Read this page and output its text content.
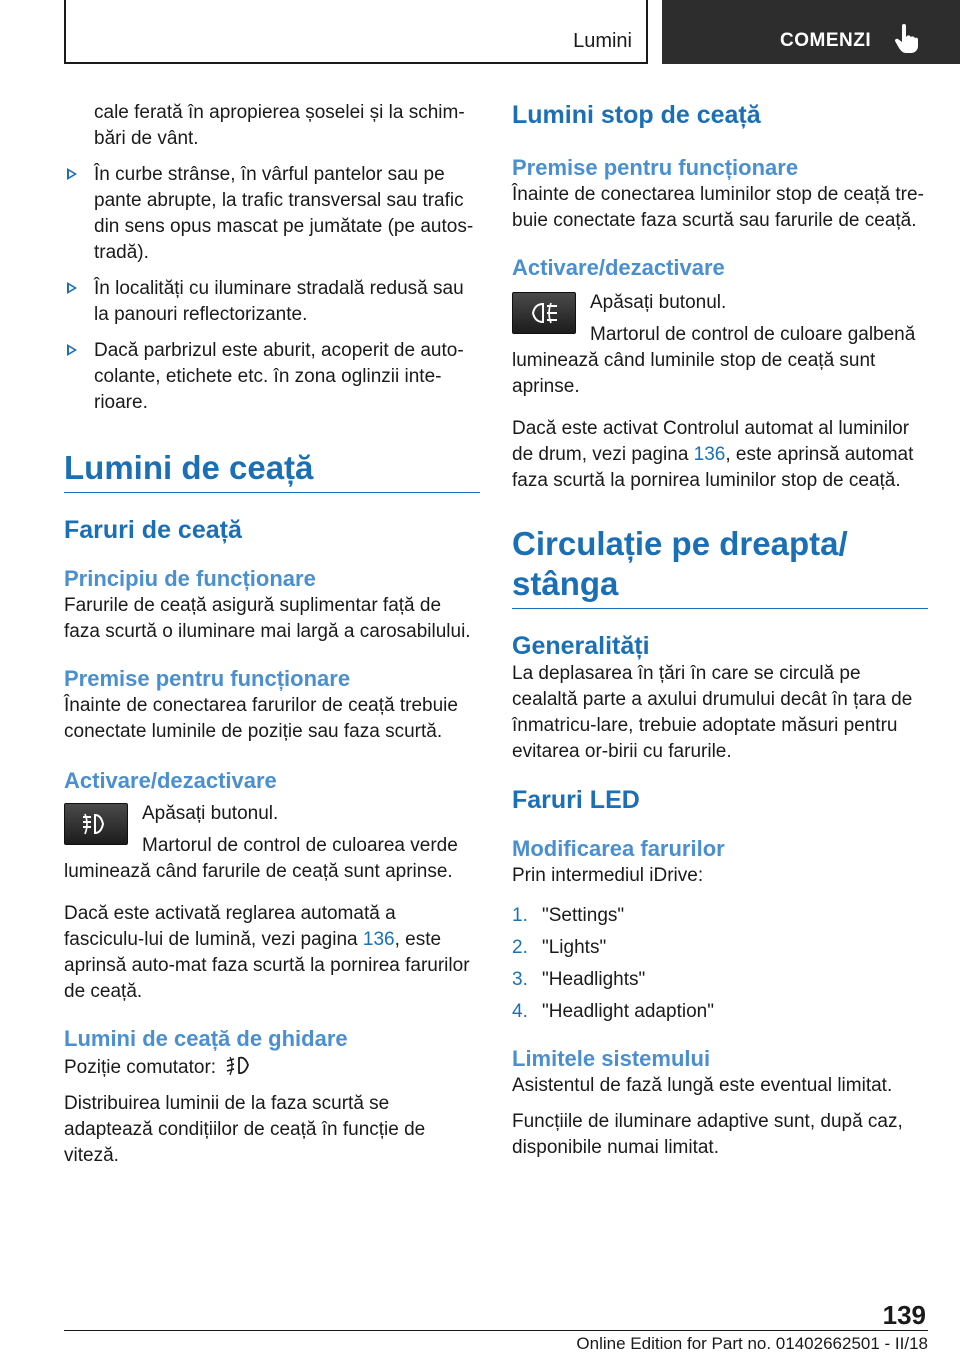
Lumini	COMENZI

cale ferată în apropierea șoselei și la schim-bări de vânt.

În curbe strânse, în vârful pantelor sau pe pante abrupte, la trafic transversal sau trafic din sens opus mascat pe jumătate (pe autos-tradă).
În localități cu iluminare stradală redusă sau la panouri reflectorizante.
Dacă parbrizul este aburit, acoperit de auto-colante, etichete etc. în zona oglinzii inte-rioare.
Lumini de ceață
Faruri de ceață
Principiu de funcționare

Farurile de ceață asigură suplimentar față de faza scurtă o iluminare mai largă a carosabilului.

Premise pentru funcționare

Înainte de conectarea farurilor de ceață trebuie conectate luminile de poziție sau faza scurtă.

Activare/dezactivare

Apăsați butonul.

Martorul de control de culoarea verde luminează când farurile de ceață sunt aprinse.

Dacă este activată reglarea automată a fasciculu-lui de lumină, vezi pagina 136, este aprinsă auto-mat faza scurtă la pornirea farurilor de ceață.

Lumini de ceață de ghidare

Poziție comutator:

Distribuirea luminii de la faza scurtă se adaptează condițiilor de ceață în funcție de viteză.

Lumini stop de ceață
Premise pentru funcționare

Înainte de conectarea luminilor stop de ceață tre-buie conectate faza scurtă sau farurile de ceață.

Activare/dezactivare

Apăsați butonul.

Martorul de control de culoare galbenă luminează când luminile stop de ceață sunt aprinse.

Dacă este activat Controlul automat al luminilor de drum, vezi pagina 136, este aprinsă automat faza scurtă la pornirea luminilor stop de ceață.

Circulație pe dreapta/
stânga
Generalități

La deplasarea în țări în care se circulă pe cealaltă parte a axului drumului decât în țara de înmatricu-lare, trebuie adoptate măsuri pentru evitarea or-birii cu farurile.

Faruri LED
Modificarea farurilor

Prin intermediul iDrive:

1. "Settings"
2. "Lights"
3. "Headlights"
4. "Headlight adaption"
Limitele sistemului

Asistentul de fază lungă este eventual limitat.

Funcțiile de iluminare adaptive sunt, după caz, disponibile numai limitat.

139
Online Edition for Part no. 01402662501 - II/18
